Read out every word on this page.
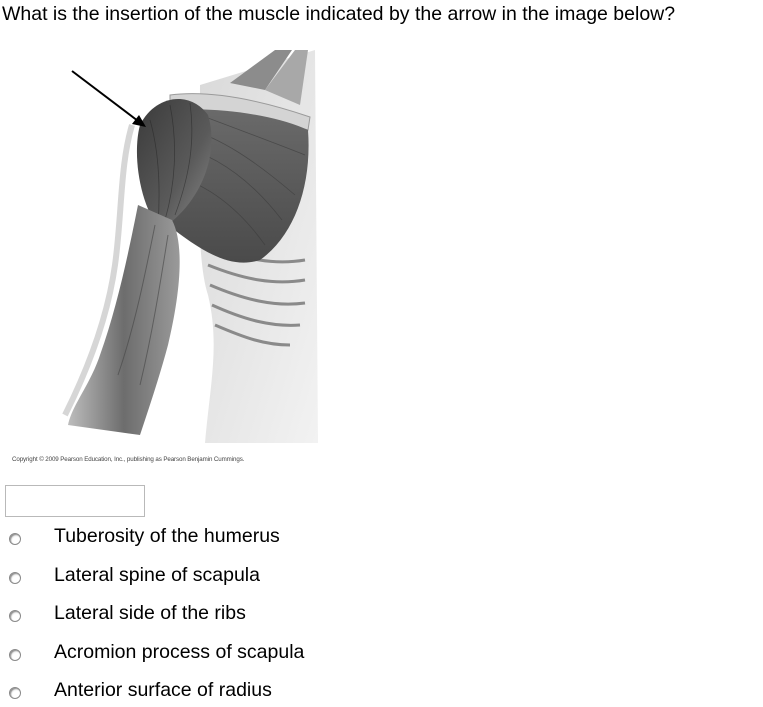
What is the insertion of the muscle indicated by the arrow in the image below?
Copyright © 2009 Pearson Education, Inc., publishing as Pearson Benjamin Cummings.
Tuberosity of the humerus
Lateral spine of scapula
Lateral side of the ribs
Acromion process of scapula
Anterior surface of radius
